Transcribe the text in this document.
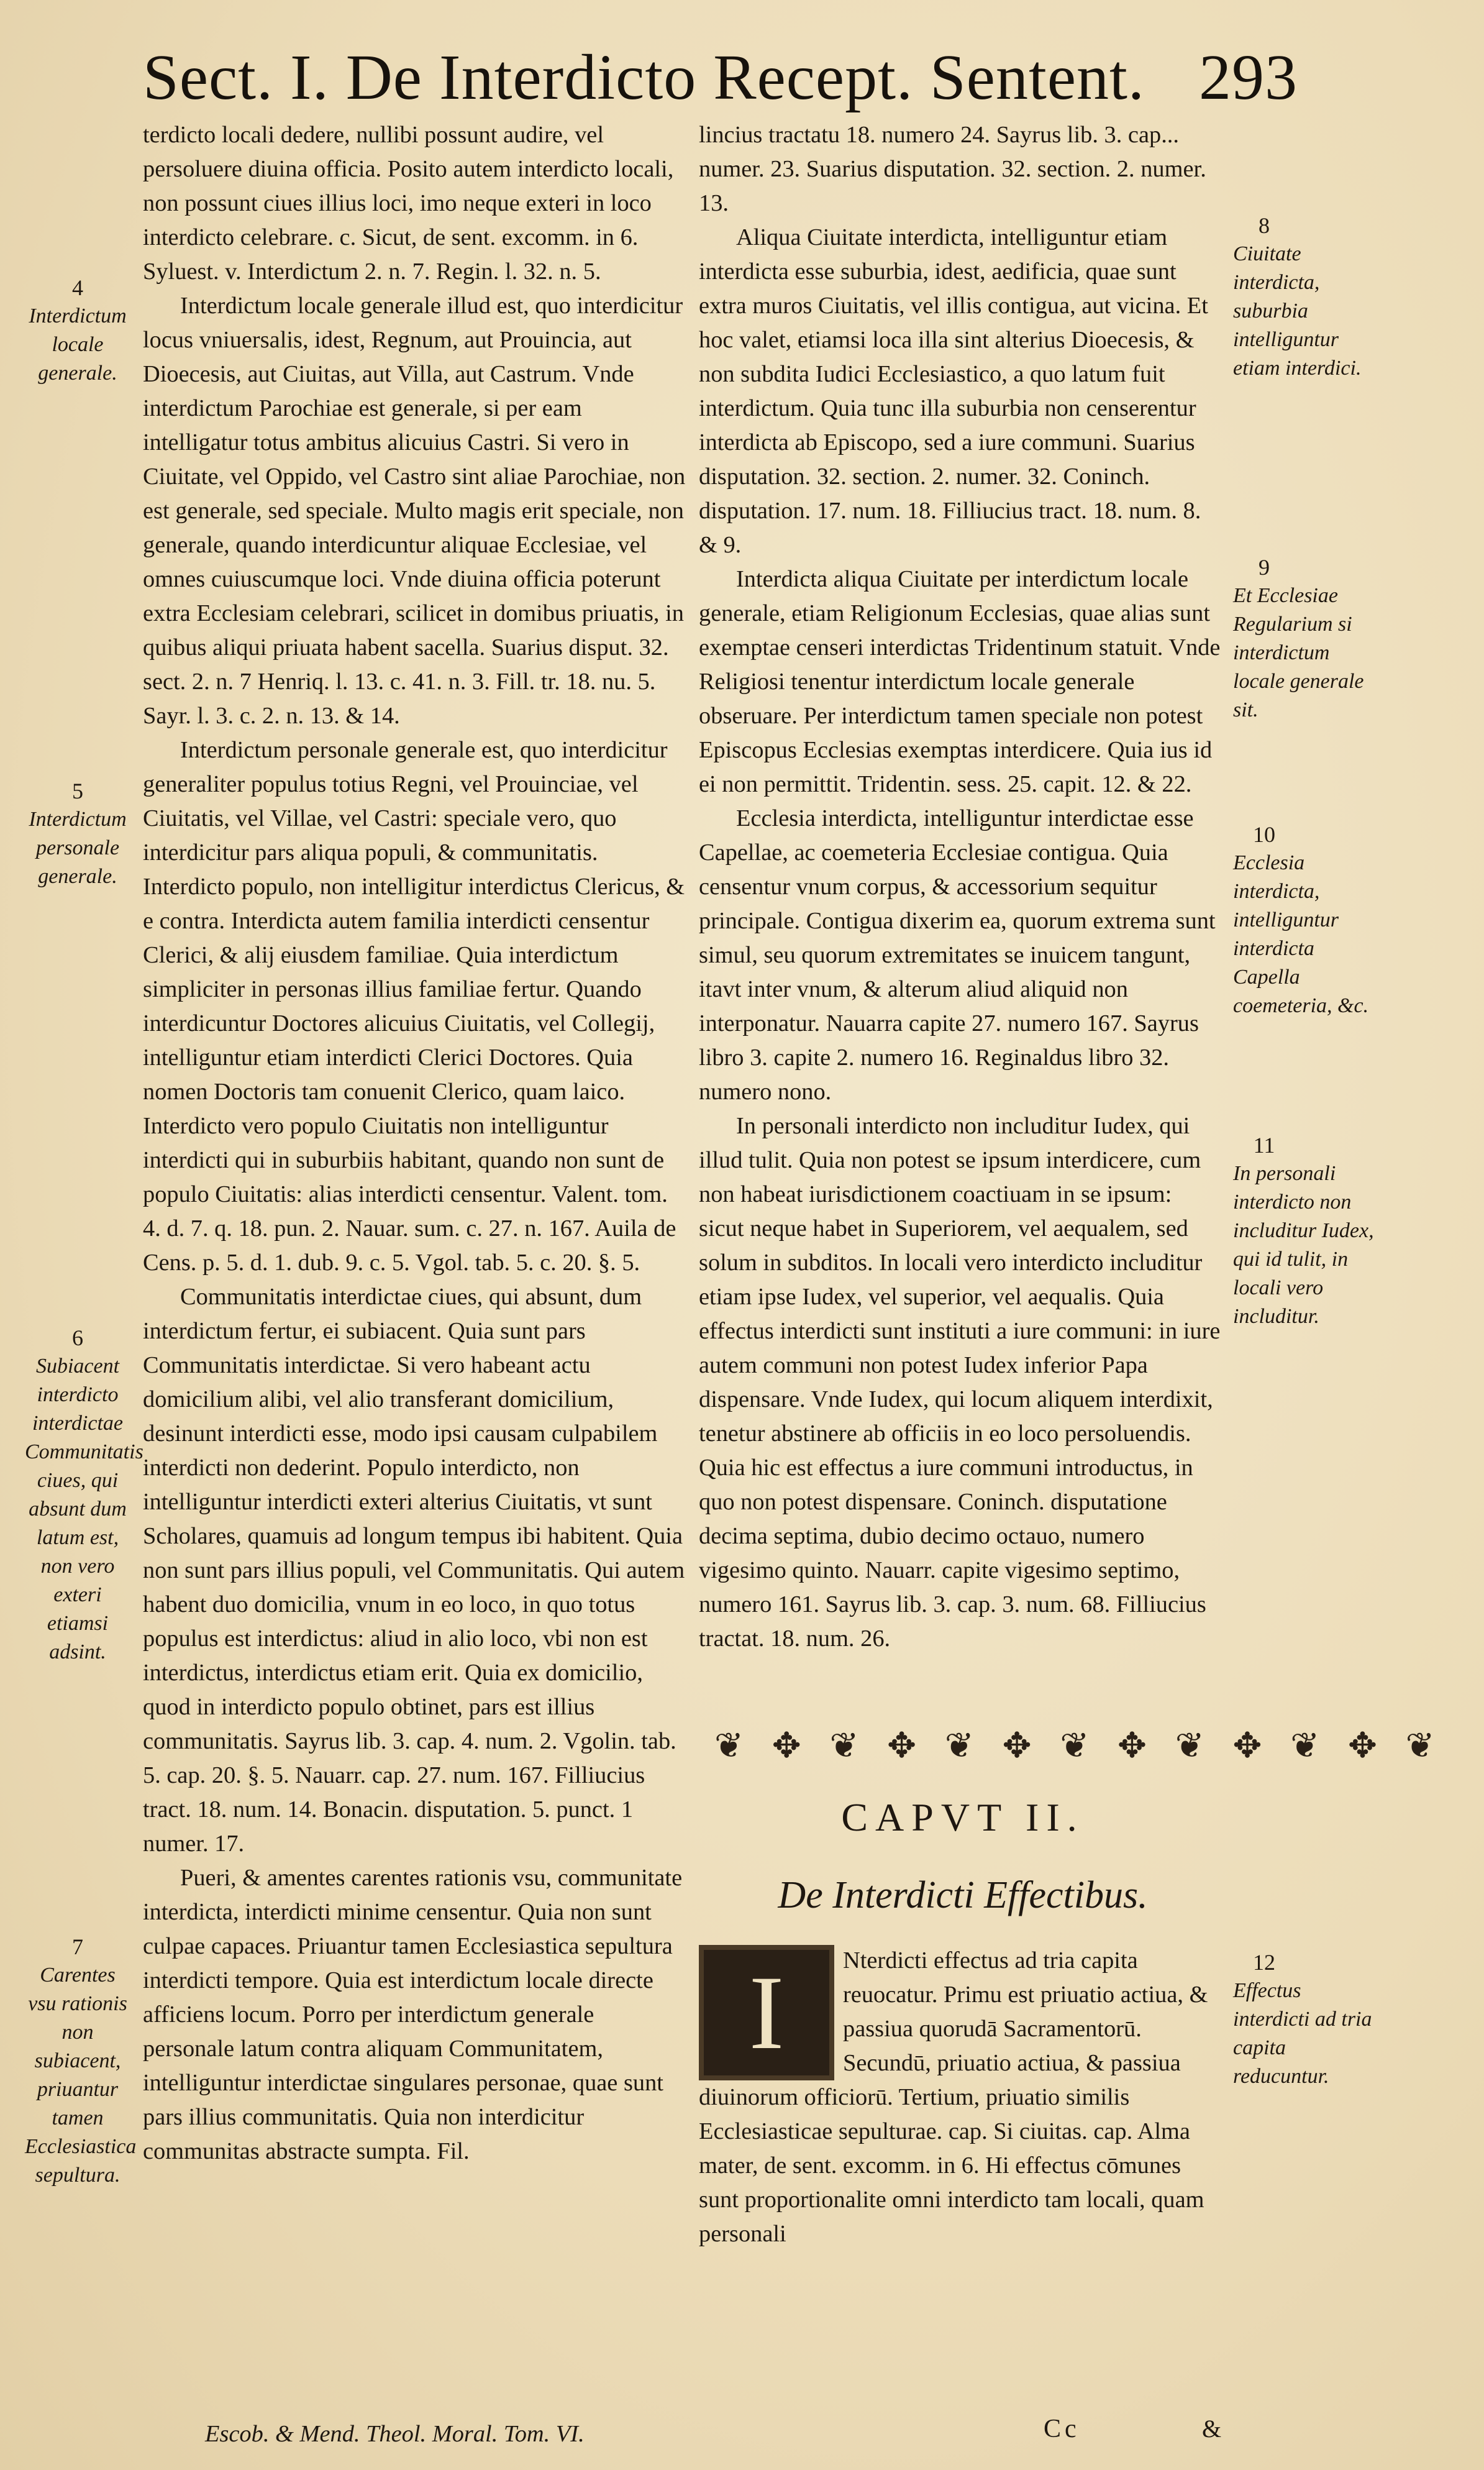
Sect. I. De Interdicto Recept. Sentent. 293

terdicto locali dedere, nullibi possunt audire, vel persoluere diuina officia. Posito autem interdicto locali, non possunt ciues illius loci, imo neque exteri in loco interdicto celebrare. c. Sicut, de sent. excomm. in 6. Syluest. v. Interdictum 2. n. 7. Regin. l. 32. n. 5.

Interdictum locale generale illud est, quo interdicitur locus vniuersalis, idest, Regnum, aut Prouincia, aut Dioecesis, aut Ciuitas, aut Villa, aut Castrum. Vnde interdictum Parochiae est generale, si per eam intelligatur totus ambitus alicuius Castri. Si vero in Ciuitate, vel Oppido, vel Castro sint aliae Parochiae, non est generale, sed speciale. Multo magis erit speciale, non generale, quando interdicuntur aliquae Ecclesiae, vel omnes cuiuscumque loci. Vnde diuina officia poterunt extra Ecclesiam celebrari, scilicet in domibus priuatis, in quibus aliqui priuata habent sacella. Suarius disput. 32. sect. 2. n. 7 Henriq. l. 13. c. 41. n. 3. Fill. tr. 18. nu. 5. Sayr. l. 3. c. 2. n. 13. & 14.

Interdictum personale generale est, quo interdicitur generaliter populus totius Regni, vel Prouinciae, vel Ciuitatis, vel Villae, vel Castri: speciale vero, quo interdicitur pars aliqua populi, & communitatis. Interdicto populo, non intelligitur interdictus Clericus, & e contra. Interdicta autem familia interdicti censentur Clerici, & alij eiusdem familiae. Quia interdictum simpliciter in personas illius familiae fertur. Quando interdicuntur Doctores alicuius Ciuitatis, vel Collegij, intelliguntur etiam interdicti Clerici Doctores. Quia nomen Doctoris tam conuenit Clerico, quam laico. Interdicto vero populo Ciuitatis non intelliguntur interdicti qui in suburbiis habitant, quando non sunt de populo Ciuitatis: alias interdicti censentur. Valent. tom. 4. d. 7. q. 18. pun. 2. Nauar. sum. c. 27. n. 167. Auila de Cens. p. 5. d. 1. dub. 9. c. 5. Vgol. tab. 5. c. 20. §. 5.

Communitatis interdictae ciues, qui absunt, dum interdictum fertur, ei subiacent. Quia sunt pars Communitatis interdictae. Si vero habeant actu domicilium alibi, vel alio transferant domicilium, desinunt interdicti esse, modo ipsi causam culpabilem interdicti non dederint. Populo interdicto, non intelliguntur interdicti exteri alterius Ciuitatis, vt sunt Scholares, quamuis ad longum tempus ibi habitent. Quia non sunt pars illius populi, vel Communitatis. Qui autem habent duo domicilia, vnum in eo loco, in quo totus populus est interdictus: aliud in alio loco, vbi non est interdictus, interdictus etiam erit. Quia ex domicilio, quod in interdicto populo obtinet, pars est illius communitatis. Sayrus lib. 3. cap. 4. num. 2. Vgolin. tab. 5. cap. 20. §. 5. Nauarr. cap. 27. num. 167. Filliucius tract. 18. num. 14. Bonacin. disputation. 5. punct. 1 numer. 17.

Pueri, & amentes carentes rationis vsu, communitate interdicta, interdicti minime censentur. Quia non sunt culpae capaces. Priuantur tamen Ecclesiastica sepultura interdicti tempore. Quia est interdictum locale directe afficiens locum. Porro per interdictum generale personale latum contra aliquam Communitatem, intelliguntur interdictae singulares personae, quae sunt pars illius communitatis. Quia non interdicitur communitas abstracte sumpta. Fil.

4
Interdictum locale generale.
5
Interdictum personale generale.
6
Subiacent interdicto interdictae Communitatis ciues, qui absunt dum latum est, non vero exteri etiamsi adsint.
7
Carentes vsu rationis non subiacent, priuantur tamen Ecclesiastica sepultura.

lincius tractatu 18. numero 24. Sayrus lib. 3. cap... numer. 23. Suarius disputation. 32. section. 2. numer. 13.

Aliqua Ciuitate interdicta, intelliguntur etiam interdicta esse suburbia, idest, aedificia, quae sunt extra muros Ciuitatis, vel illis contigua, aut vicina. Et hoc valet, etiamsi loca illa sint alterius Dioecesis, & non subdita Iudici Ecclesiastico, a quo latum fuit interdictum. Quia tunc illa suburbia non censerentur interdicta ab Episcopo, sed a iure communi. Suarius disputation. 32. section. 2. numer. 32. Coninch. disputation. 17. num. 18. Filliucius tract. 18. num. 8. & 9.

Interdicta aliqua Ciuitate per interdictum locale generale, etiam Religionum Ecclesias, quae alias sunt exemptae censeri interdictas Tridentinum statuit. Vnde Religiosi tenentur interdictum locale generale obseruare. Per interdictum tamen speciale non potest Episcopus Ecclesias exemptas interdicere. Quia ius id ei non permittit. Tridentin. sess. 25. capit. 12. & 22.

Ecclesia interdicta, intelliguntur interdictae esse Capellae, ac coemeteria Ecclesiae contigua. Quia censentur vnum corpus, & accessorium sequitur principale. Contigua dixerim ea, quorum extrema sunt simul, seu quorum extremitates se inuicem tangunt, itavt inter vnum, & alterum aliud aliquid non interponatur. Nauarra capite 27. numero 167. Sayrus libro 3. capite 2. numero 16. Reginaldus libro 32. numero nono.

In personali interdicto non includitur Iudex, qui illud tulit. Quia non potest se ipsum interdicere, cum non habeat iurisdictionem coactiuam in se ipsum: sicut neque habet in Superiorem, vel aequalem, sed solum in subditos. In locali vero interdicto includitur etiam ipse Iudex, vel superior, vel aequalis. Quia effectus interdicti sunt instituti a iure communi: in iure autem communi non potest Iudex inferior Papa dispensare. Vnde Iudex, qui locum aliquem interdixit, tenetur abstinere ab officiis in eo loco persoluendis. Quia hic est effectus a iure communi introductus, in quo non potest dispensare. Coninch. disputatione decima septima, dubio decimo octauo, numero vigesimo quinto. Nauarr. capite vigesimo septimo, numero 161. Sayrus lib. 3. cap. 3. num. 68. Filliucius tractat. 18. num. 26.

8
Ciuitate interdicta, suburbia intelliguntur etiam interdici.
9
Et Ecclesiae Regularium si interdictum locale generale sit.
10
Ecclesia interdicta, intelliguntur interdicta Capella coemeteria, &c.
11
In personali interdicto non includitur Iudex, qui id tulit, in locali vero includitur.
12
Effectus interdicti ad tria capita reducuntur.
❦ ✥ ❦ ✥ ❦ ✥ ❦ ✥ ❦ ✥ ❦ ✥ ❦
CAPVT II.
De Interdicti Effectibus.
I	Nterdicti effectus ad tria capita reuocatur. Primu est priuatio actiua, & passiua quorudā Sacramentorū. Secundū, priuatio actiua, & passiua diuinorum officiorū. Tertium, priuatio similis Ecclesiasticae sepulturae. cap. Si ciuitas. cap. Alma mater, de sent. excomm. in 6. Hi effectus cōmunes sunt proportionalite omni interdicto tam locali, quam personali
Escob. & Mend. Theol. Moral. Tom. VI.	Cc	&
